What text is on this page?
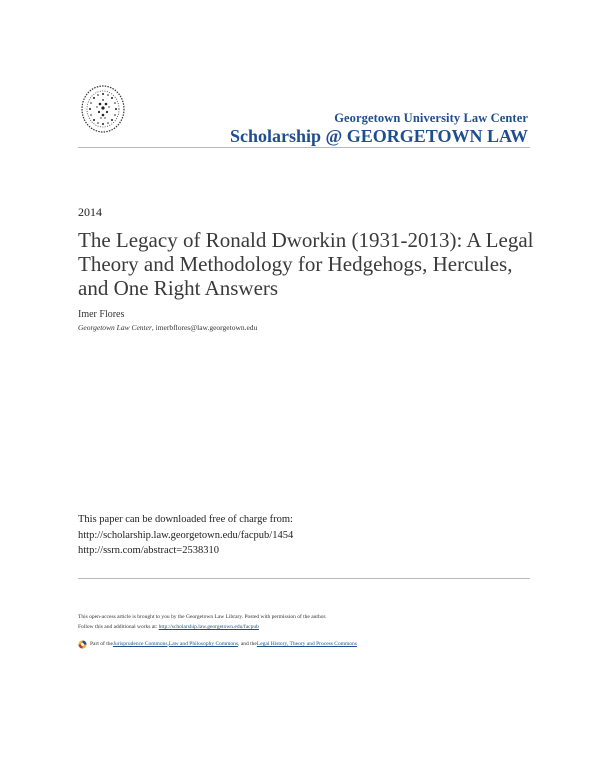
Georgetown University Law Center
Scholarship @ GEORGETOWN LAW
2014
The Legacy of Ronald Dworkin (1931-2013): A Legal Theory and Methodology for Hedgehogs, Hercules, and One Right Answers
Imer Flores
Georgetown Law Center, imerbflores@law.georgetown.edu
This paper can be downloaded free of charge from:
http://scholarship.law.georgetown.edu/facpub/1454
http://ssrn.com/abstract=2538310
This open-access article is brought to you by the Georgetown Law Library. Posted with permission of the author.
Follow this and additional works at: http://scholarship.law.georgetown.edu/facpub
Part of the Jurisprudence Commons , Law and Philosophy Commons , and the Legal History, Theory and Process Commons
